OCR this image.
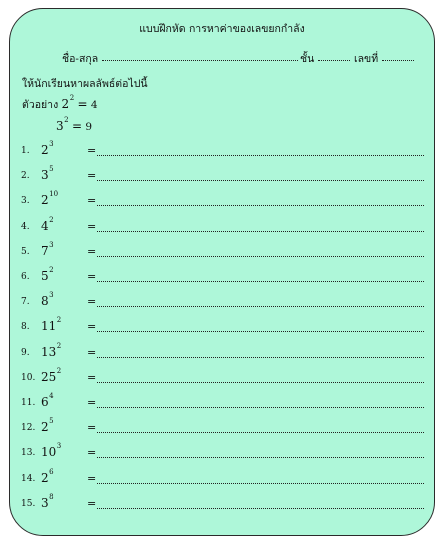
แบบฝึกหัด การหาค่าของเลขยกกำลัง
ชื่อ-สกุล	ชั้น	เลขที่
ให้นักเรียนหาผลลัพธ์ต่อไปนี้
ตัวอย่าง $2^2 = 4$
$3^2 = 9$
1. $2^3$	=
2. $3^5$	=
3. $2^{10}$	=
4. $4^2$	=
5. $7^3$	=
6. $5^2$	=
7. $8^3$	=
8. $11^2$ =
9. $13^2$ =
10. $25^2$ =
11. $6^4$	=
12. $2^5$	=
13. $10^3$ =
14. $2^6$	=
15. $3^8$	=
